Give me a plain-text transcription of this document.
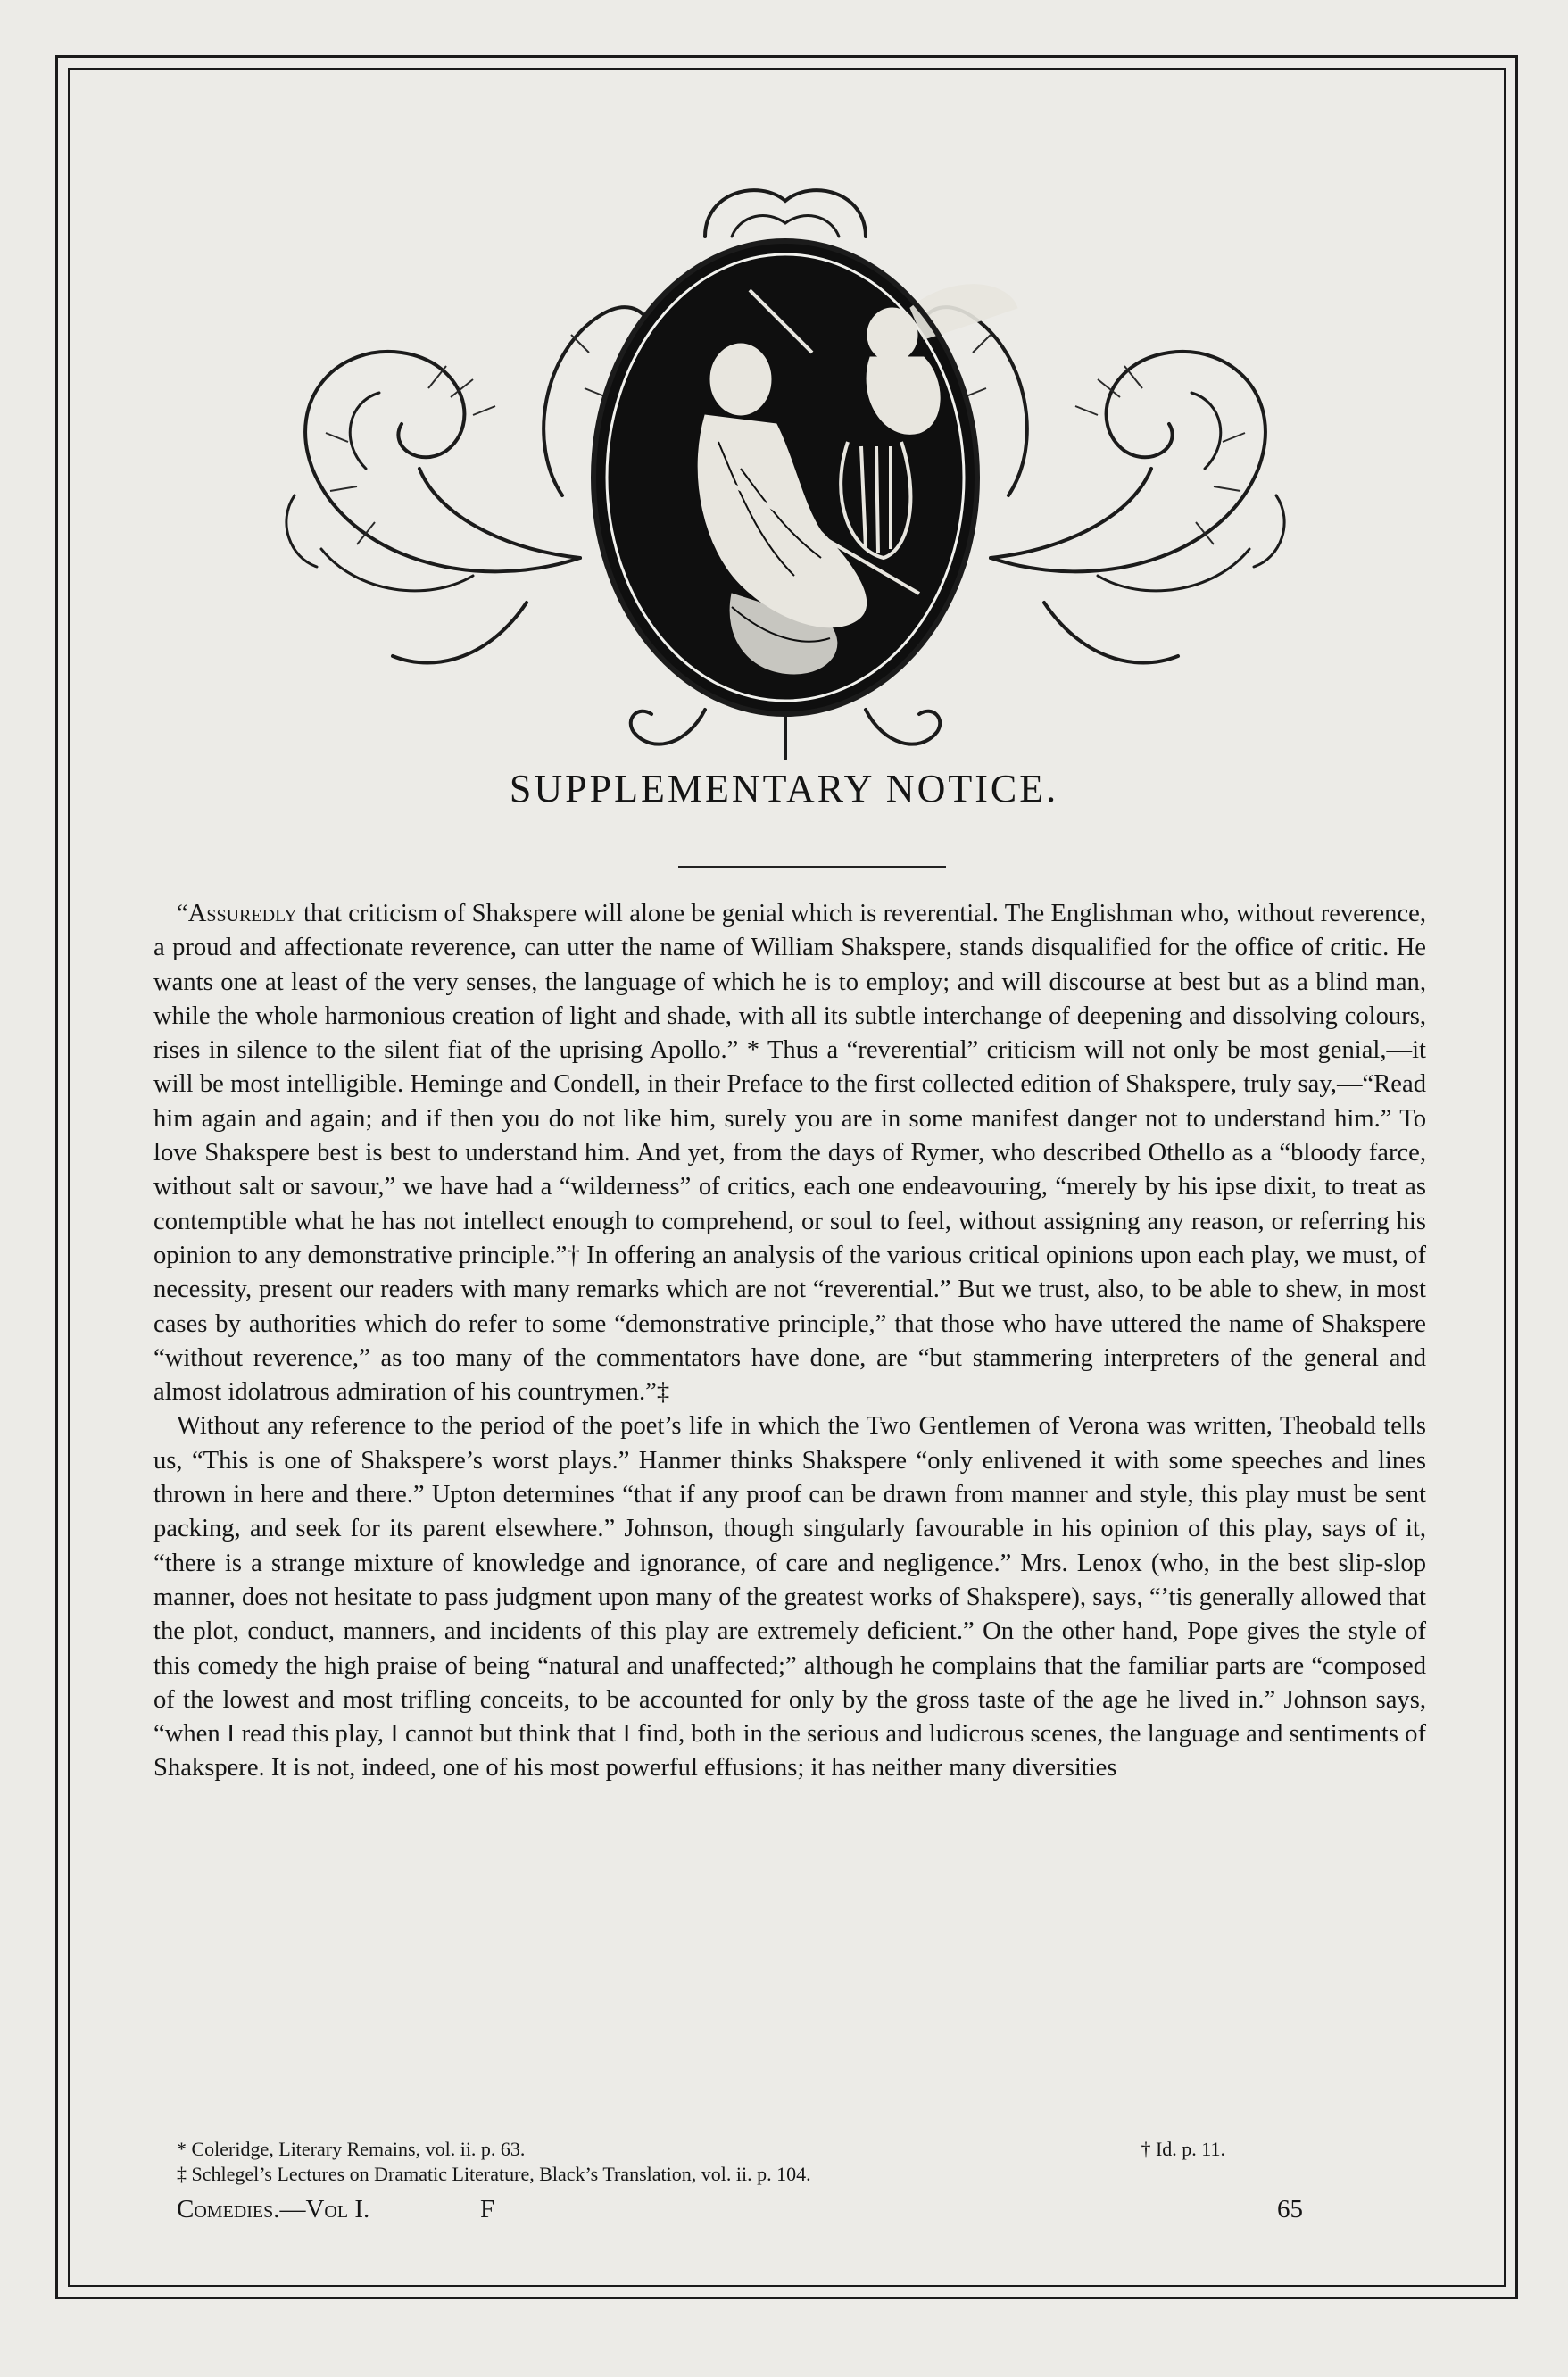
SUPPLEMENTARY NOTICE.

“Assuredly that criticism of Shakspere will alone be genial which is reverential. The Englishman who, without reverence, a proud and affectionate reverence, can utter the name of William Shakspere, stands disqualified for the office of critic. He wants one at least of the very senses, the language of which he is to employ; and will discourse at best but as a blind man, while the whole harmonious creation of light and shade, with all its subtle interchange of deepening and dissolving colours, rises in silence to the silent fiat of the uprising Apollo.” * Thus a “reverential” criticism will not only be most genial,—it will be most intelligible. Heminge and Condell, in their Preface to the first collected edition of Shakspere, truly say,—“Read him again and again; and if then you do not like him, surely you are in some manifest danger not to understand him.” To love Shakspere best is best to understand him. And yet, from the days of Rymer, who described Othello as a “bloody farce, without salt or savour,” we have had a “wilderness” of critics, each one endeavouring, “merely by his ipse dixit, to treat as contemptible what he has not intellect enough to comprehend, or soul to feel, without assigning any reason, or referring his opinion to any demonstrative principle.”† In offering an analysis of the various critical opinions upon each play, we must, of necessity, present our readers with many remarks which are not “reverential.” But we trust, also, to be able to shew, in most cases by authorities which do refer to some “demonstrative principle,” that those who have uttered the name of Shakspere “without reverence,” as too many of the commentators have done, are “but stammering interpreters of the general and almost idolatrous admiration of his countrymen.”‡

Without any reference to the period of the poet’s life in which the Two Gentlemen of Verona was written, Theobald tells us, “This is one of Shakspere’s worst plays.” Hanmer thinks Shakspere “only enlivened it with some speeches and lines thrown in here and there.” Upton determines “that if any proof can be drawn from manner and style, this play must be sent packing, and seek for its parent elsewhere.” Johnson, though singularly favourable in his opinion of this play, says of it, “there is a strange mixture of knowledge and ignorance, of care and negligence.” Mrs. Lenox (who, in the best slip-slop manner, does not hesitate to pass judgment upon many of the greatest works of Shakspere), says, “’tis generally allowed that the plot, conduct, manners, and incidents of this play are extremely deficient.” On the other hand, Pope gives the style of this comedy the high praise of being “natural and unaffected;” although he complains that the familiar parts are “composed of the lowest and most trifling conceits, to be accounted for only by the gross taste of the age he lived in.” Johnson says, “when I read this play, I cannot but think that I find, both in the serious and ludicrous scenes, the language and sentiments of Shakspere. It is not, indeed, one of his most powerful effusions; it has neither many diversities

* Coleridge, Literary Remains, vol. ii. p. 63.	† Id. p. 11.
‡ Schlegel’s Lectures on Dramatic Literature, Black’s Translation, vol. ii. p. 104.
Comedies.—Vol I.	F	65
